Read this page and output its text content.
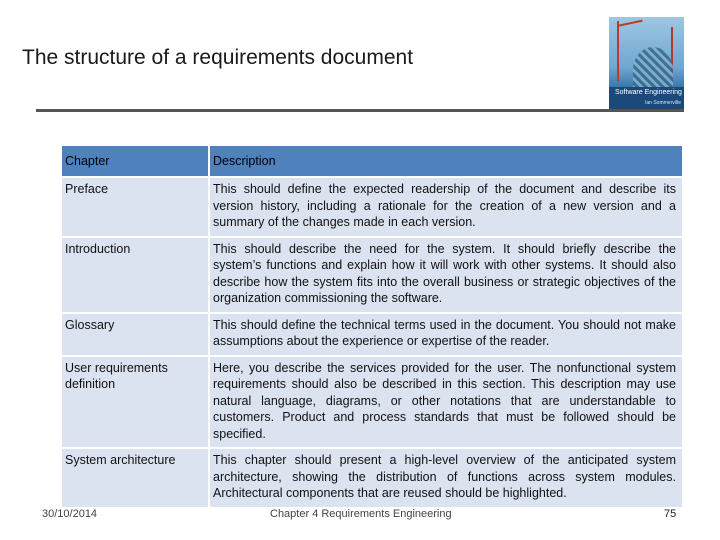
The structure of a requirements document
Software Engineering
Ian Sommerville
Chapter	Description
Preface	This should define the expected readership of the document and describe its version history, including a rationale for the creation of a new version and a summary of the changes made in each version.
Introduction	This should describe the need for the system. It should briefly describe the system’s functions and explain how it will work with other systems. It should also describe how the system fits into the overall business or strategic objectives of the organization commissioning the software.
Glossary	This should define the technical terms used in the document. You should not make assumptions about the experience or expertise of the reader.
User requirements definition	Here, you describe the services provided for the user. The nonfunctional system requirements should also be described in this section. This description may use natural language, diagrams, or other notations that are understandable to customers. Product and process standards that must be followed should be specified.
System architecture	This chapter should present a high-level overview of the anticipated system architecture, showing the distribution of functions across system modules. Architectural components that are reused should be highlighted.
30/10/2014	Chapter 4 Requirements Engineering	75
